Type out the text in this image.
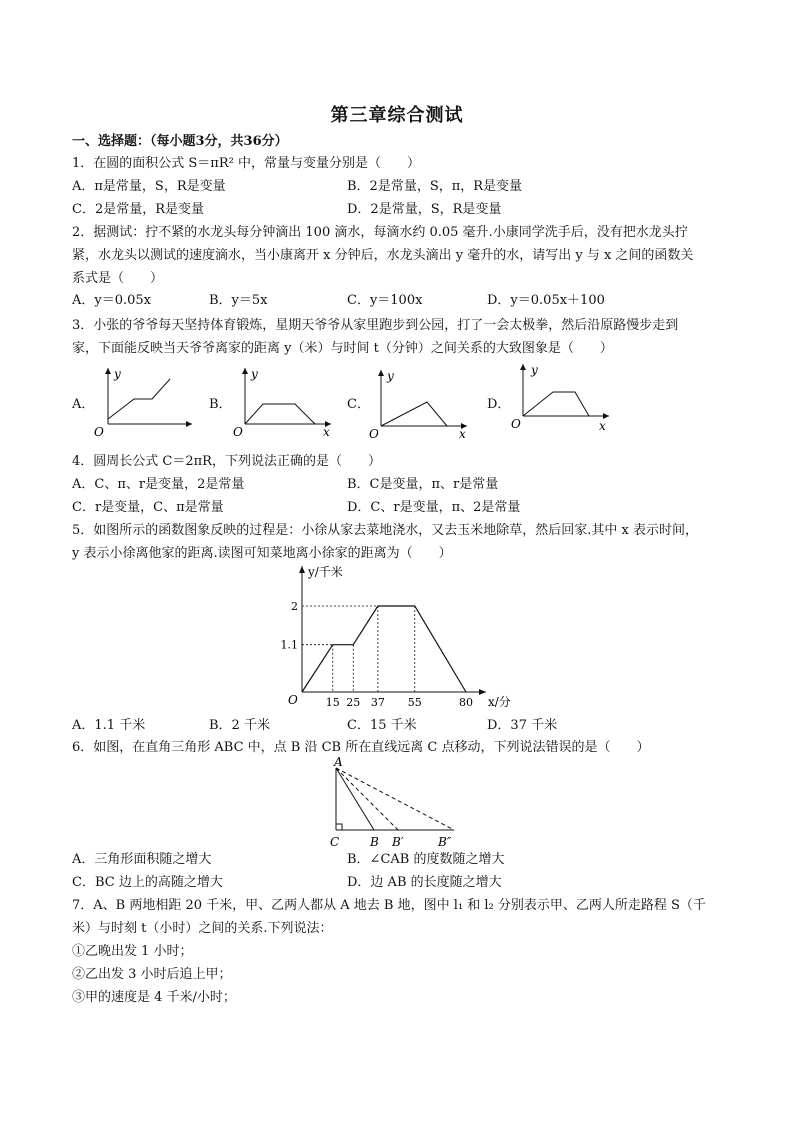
第三章综合测试
一、选择题：（每小题3分，共36分）
1．在圆的面积公式 S＝πR² 中，常量与变量分别是（　　）
A．π是常量，S，R是变量	B．2是常量，S，π，R是变量
C．2是常量，R是变量	D．2是常量，S，R是变量
2．据测试：拧不紧的水龙头每分钟滴出 100 滴水，每滴水约 0.05 毫升.小康同学洗手后，没有把水龙头拧
紧，水龙头以测试的速度滴水，当小康离开 x 分钟后，水龙头滴出 y 毫升的水，请写出 y 与 x 之间的函数关
系式是（　　）
A．y＝0.05x	B．y＝5x	C．y＝100x	D．y＝0.05x＋100
3．小张的爷爷每天坚持体育锻炼，星期天爷爷从家里跑步到公园，打了一会太极拳，然后沿原路慢步走到
家，下面能反映当天爷爷离家的距离 y（米）与时间 t（分钟）之间关系的大致图象是（　　）
A．
y
O
B．
y
O	x
C．
y
O	x
D．
y
O	x
4．圆周长公式 C＝2πR，下列说法正确的是（　　）
A．C、π、r是变量，2是常量	B．C是变量，π、r是常量
C．r是变量，C、π是常量	D．C、r是变量，π、2是常量
5．如图所示的函数图象反映的过程是：小徐从家去菜地浇水，又去玉米地除草，然后回家.其中 x 表示时间，
y 表示小徐离他家的距离.读图可知菜地离小徐家的距离为（　　）
y/千米
x/分
O	15 25 37 55	80
1.1
2
A．1.1 千米	B．2 千米	C．15 千米	D．37 千米
6．如图，在直角三角形 ABC 中，点 B 沿 CB 所在直线远离 C 点移动，下列说法错误的是（　　）
A
C	B B′	B″
A．三角形面积随之增大	B．∠CAB 的度数随之增大
C．BC 边上的高随之增大	D．边 AB 的长度随之增大
7．A、B 两地相距 20 千米，甲、乙两人都从 A 地去 B 地，图中 l₁ 和 l₂ 分别表示甲、乙两人所走路程 S（千
米）与时刻 t（小时）之间的关系.下列说法：
①乙晚出发 1 小时；
②乙出发 3 小时后追上甲；
③甲的速度是 4 千米/小时；
